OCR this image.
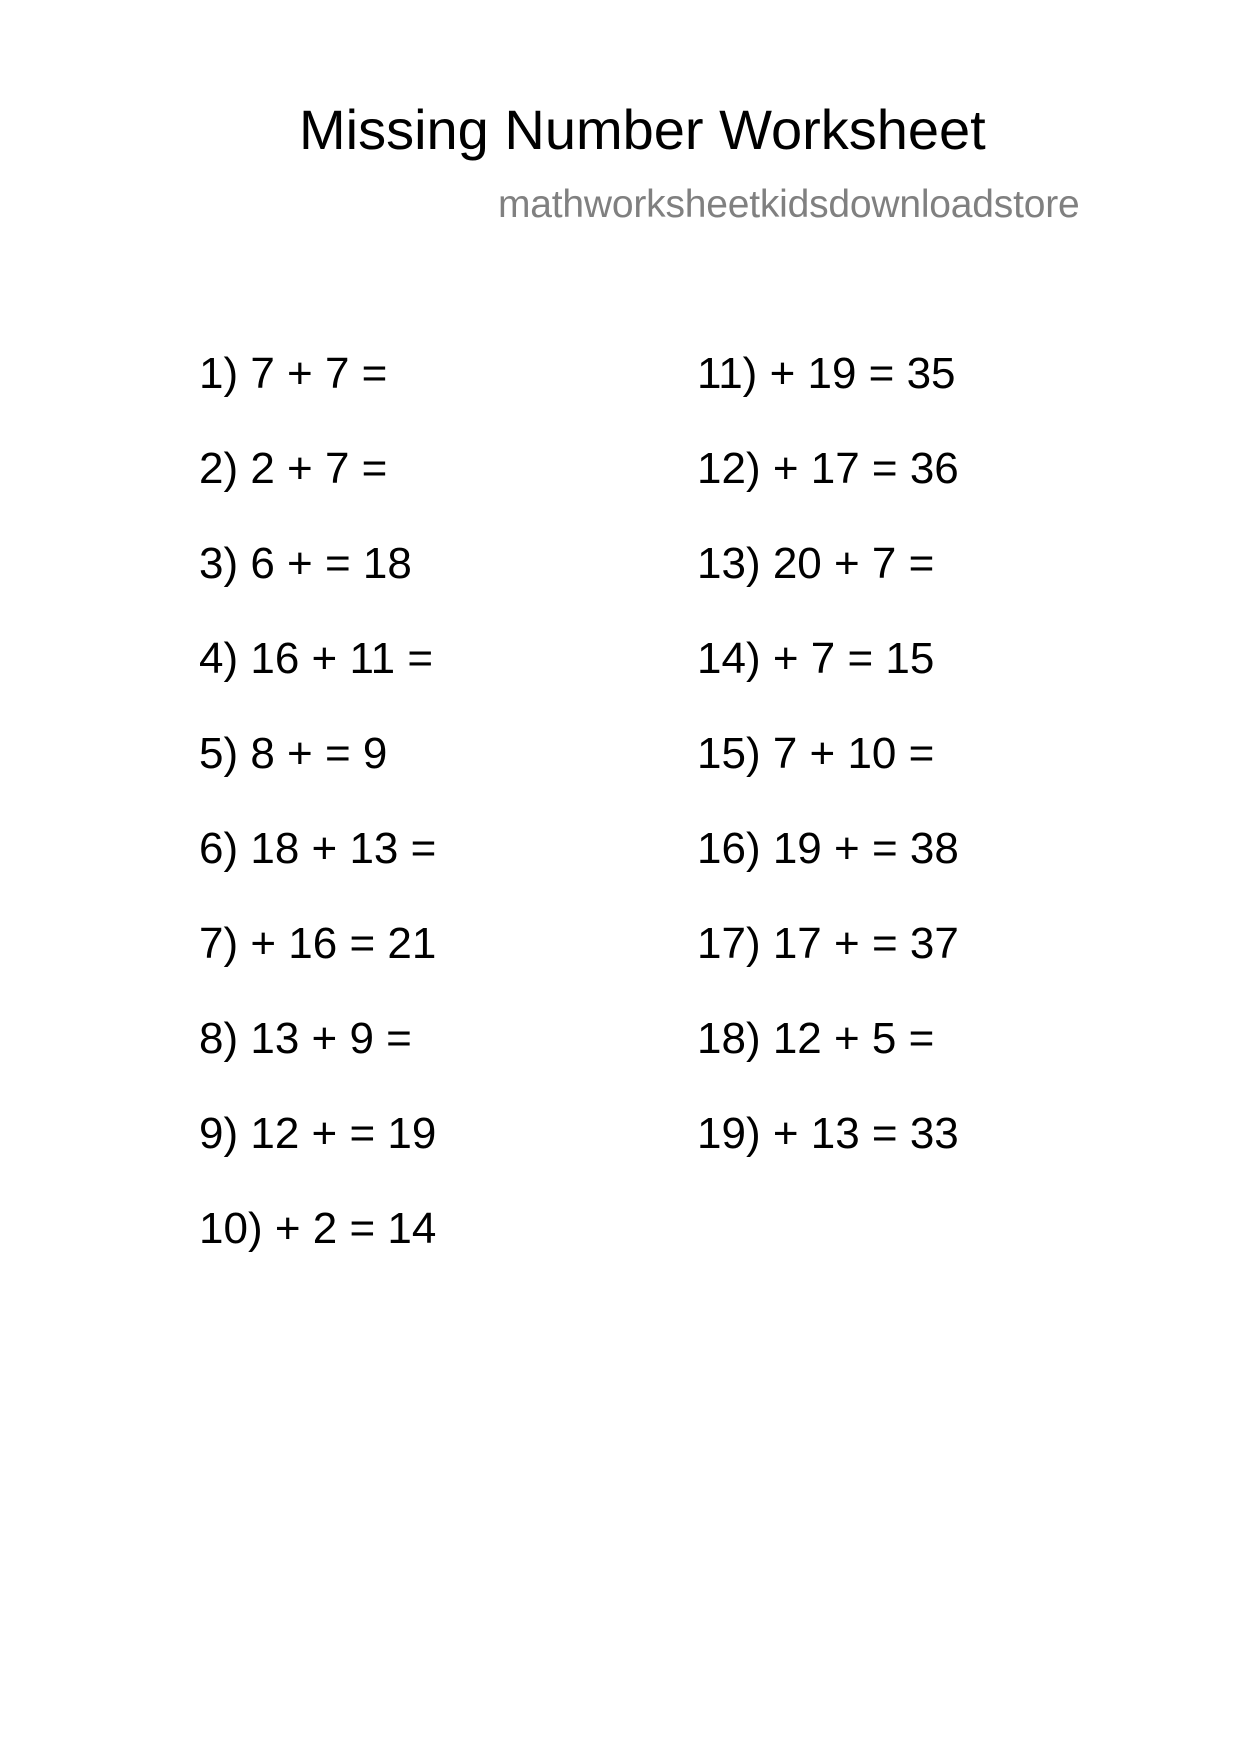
Missing Number Worksheet
mathworksheetkidsdownloadstore
1) 7 + 7 =
2) 2 + 7 =
3) 6 + = 18
4) 16 + 11 =
5) 8 + = 9
6) 18 + 13 =
7) + 16 = 21
8) 13 + 9 =
9) 12 + = 19
10) + 2 = 14
11) + 19 = 35
12) + 17 = 36
13) 20 + 7 =
14) + 7 = 15
15) 7 + 10 =
16) 19 + = 38
17) 17 + = 37
18) 12 + 5 =
19) + 13 = 33
